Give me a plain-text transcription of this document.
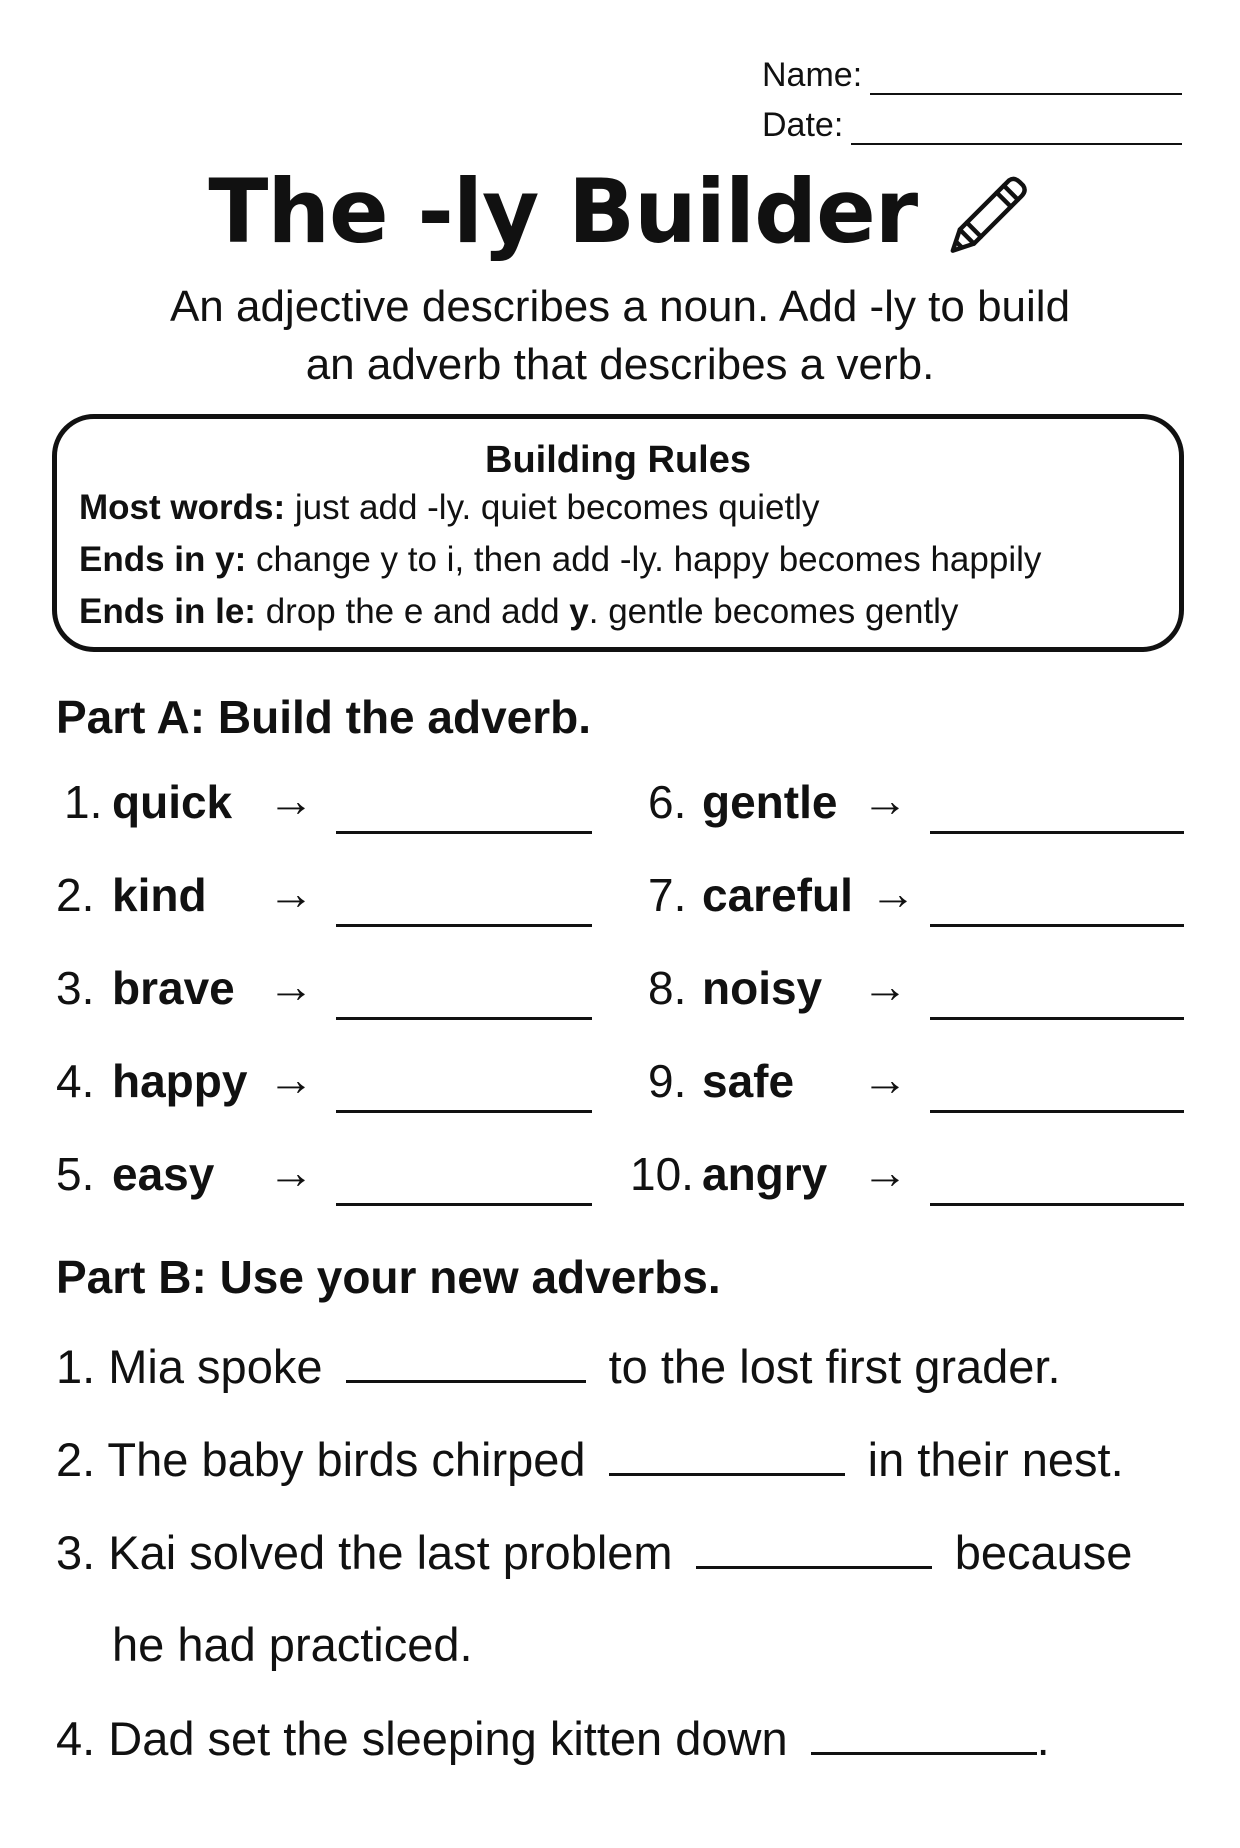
Name:
Date:
The -ly Builder
An adjective describes a noun. Add -ly to build
an adverb that describes a verb.
Building Rules
Most words: just add -ly. quiet becomes quietly
Ends in y: change y to i, then add -ly. happy becomes happily
Ends in le: drop the e and add y. gentle becomes gently
Part A: Build the adverb.
1. quick →
2. kind →
3. brave →
4. happy →
5. easy →
6. gentle →
7. careful →
8. noisy →
9. safe →
10. angry →
Part B: Use your new adverbs.
1. Mia spoke	to the lost first grader.
2. The baby birds chirped	in their nest.
3. Kai solved the last problem	because
he had practiced.
4. Dad set the sleeping kitten down	.
